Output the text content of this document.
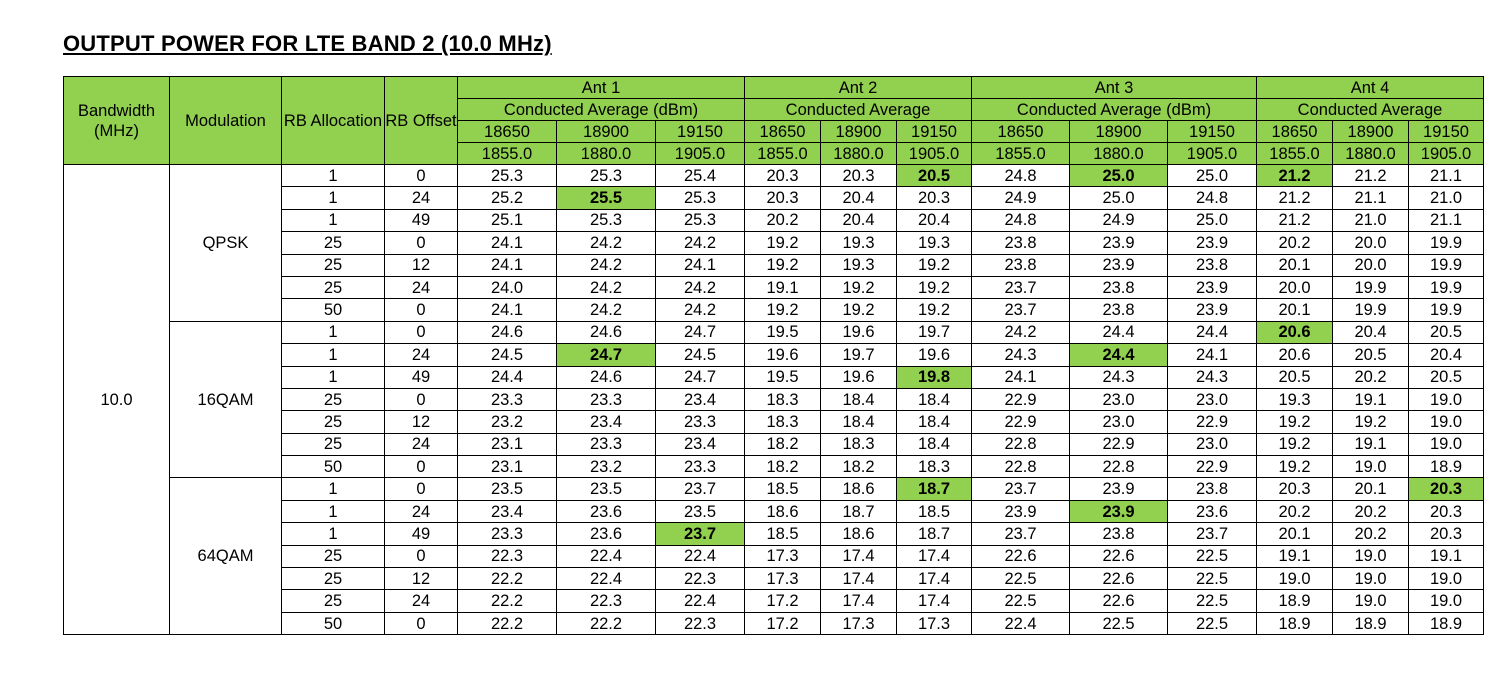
OUTPUT POWER FOR LTE BAND 2 (10.0 MHz)
Bandwidth (MHz)	Modulation	RB Allocation	RB Offset	Ant 1			Ant 2			Ant 3			Ant 4		
				Conducted Average (dBm)			Conducted Average			Conducted Average (dBm)			Conducted Average		
				18650	18900	19150	18650	18900	19150	18650	18900	19150	18650	18900	19150
				1855.0	1880.0	1905.0	1855.0	1880.0	1905.0	1855.0	1880.0	1905.0	1855.0	1880.0	1905.0
10.0	QPSK	1	0	25.3	25.3	25.4	20.3	20.3	20.5	24.8	25.0	25.0	21.2	21.2	21.1
		1	24	25.2	25.5	25.3	20.3	20.4	20.3	24.9	25.0	24.8	21.2	21.1	21.0
		1	49	25.1	25.3	25.3	20.2	20.4	20.4	24.8	24.9	25.0	21.2	21.0	21.1
		25	0	24.1	24.2	24.2	19.2	19.3	19.3	23.8	23.9	23.9	20.2	20.0	19.9
		25	12	24.1	24.2	24.1	19.2	19.3	19.2	23.8	23.9	23.8	20.1	20.0	19.9
		25	24	24.0	24.2	24.2	19.1	19.2	19.2	23.7	23.8	23.9	20.0	19.9	19.9
		50	0	24.1	24.2	24.2	19.2	19.2	19.2	23.7	23.8	23.9	20.1	19.9	19.9
	16QAM	1	0	24.6	24.6	24.7	19.5	19.6	19.7	24.2	24.4	24.4	20.6	20.4	20.5
		1	24	24.5	24.7	24.5	19.6	19.7	19.6	24.3	24.4	24.1	20.6	20.5	20.4
		1	49	24.4	24.6	24.7	19.5	19.6	19.8	24.1	24.3	24.3	20.5	20.2	20.5
		25	0	23.3	23.3	23.4	18.3	18.4	18.4	22.9	23.0	23.0	19.3	19.1	19.0
		25	12	23.2	23.4	23.3	18.3	18.4	18.4	22.9	23.0	22.9	19.2	19.2	19.0
		25	24	23.1	23.3	23.4	18.2	18.3	18.4	22.8	22.9	23.0	19.2	19.1	19.0
		50	0	23.1	23.2	23.3	18.2	18.2	18.3	22.8	22.8	22.9	19.2	19.0	18.9
	64QAM	1	0	23.5	23.5	23.7	18.5	18.6	18.7	23.7	23.9	23.8	20.3	20.1	20.3
		1	24	23.4	23.6	23.5	18.6	18.7	18.5	23.9	23.9	23.6	20.2	20.2	20.3
		1	49	23.3	23.6	23.7	18.5	18.6	18.7	23.7	23.8	23.7	20.1	20.2	20.3
		25	0	22.3	22.4	22.4	17.3	17.4	17.4	22.6	22.6	22.5	19.1	19.0	19.1
		25	12	22.2	22.4	22.3	17.3	17.4	17.4	22.5	22.6	22.5	19.0	19.0	19.0
		25	24	22.2	22.3	22.4	17.2	17.4	17.4	22.5	22.6	22.5	18.9	19.0	19.0
		50	0	22.2	22.2	22.3	17.2	17.3	17.3	22.4	22.5	22.5	18.9	18.9	18.9
